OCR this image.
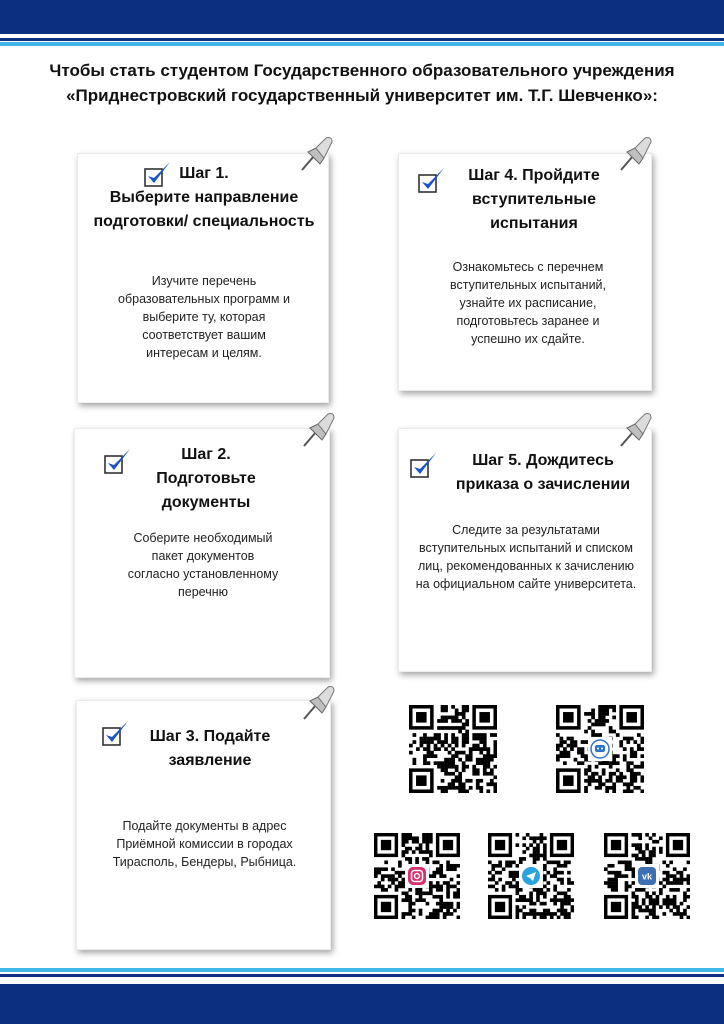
Чтобы стать студентом Государственного образовательного учреждения «Приднестровский государственный университет им. Т.Г. Шевченко»:
Шаг 1.
Выберите направление подготовки/ специальность
Изучите перечень образовательных программ и выберите ту, которая соответствует вашим интересам и целям.
Шаг 2.
Подготовьте документы
Соберите необходимый пакет документов согласно установленному перечню
Шаг 3. Подайте заявление
Подайте документы в адрес Приёмной комиссии в городах Тирасполь, Бендеры, Рыбница.
Шаг 4. Пройдите вступительные испытания
Ознакомьтесь с перечнем вступительных испытаний, узнайте их расписание, подготовьтесь заранее и успешно их сдайте.
Шаг 5. Дождитесь приказа о зачислении
Следите за результатами вступительных испытаний и списком лиц, рекомендованных к зачислению на официальном сайте университета.
vk
